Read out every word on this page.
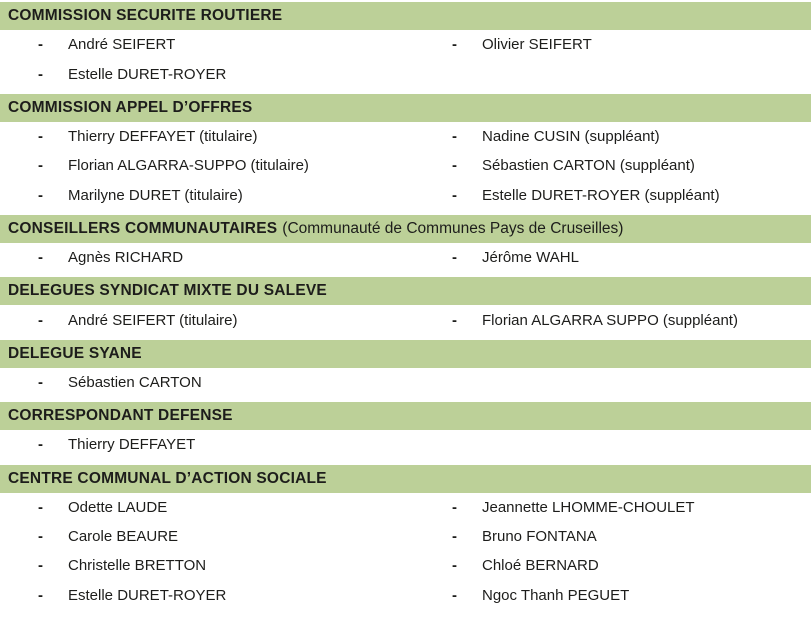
COMMISSION SECURITE ROUTIERE
-	André SEIFERT	-	Olivier SEIFERT
-	Estelle DURET-ROYER
COMMISSION APPEL D’OFFRES
-	Thierry DEFFAYET (titulaire)	-	Nadine CUSIN (suppléant)
-	Florian ALGARRA-SUPPO (titulaire)	-	Sébastien CARTON (suppléant)
-	Marilyne DURET (titulaire)	-	Estelle DURET-ROYER (suppléant)
CONSEILLERS COMMUNAUTAIRES (Communauté de Communes Pays de Cruseilles)
-	Agnès RICHARD	-	Jérôme WAHL
DELEGUES SYNDICAT MIXTE DU SALEVE
-	André SEIFERT (titulaire)	-	Florian ALGARRA SUPPO (suppléant)
DELEGUE SYANE
-	Sébastien CARTON
CORRESPONDANT DEFENSE
-	Thierry DEFFAYET
CENTRE COMMUNAL D’ACTION SOCIALE
-	Odette LAUDE	-	Jeannette LHOMME-CHOULET
-	Carole BEAURE	-	Bruno FONTANA
-	Christelle BRETTON	-	Chloé BERNARD
-	Estelle DURET-ROYER	-	Ngoc Thanh PEGUET
